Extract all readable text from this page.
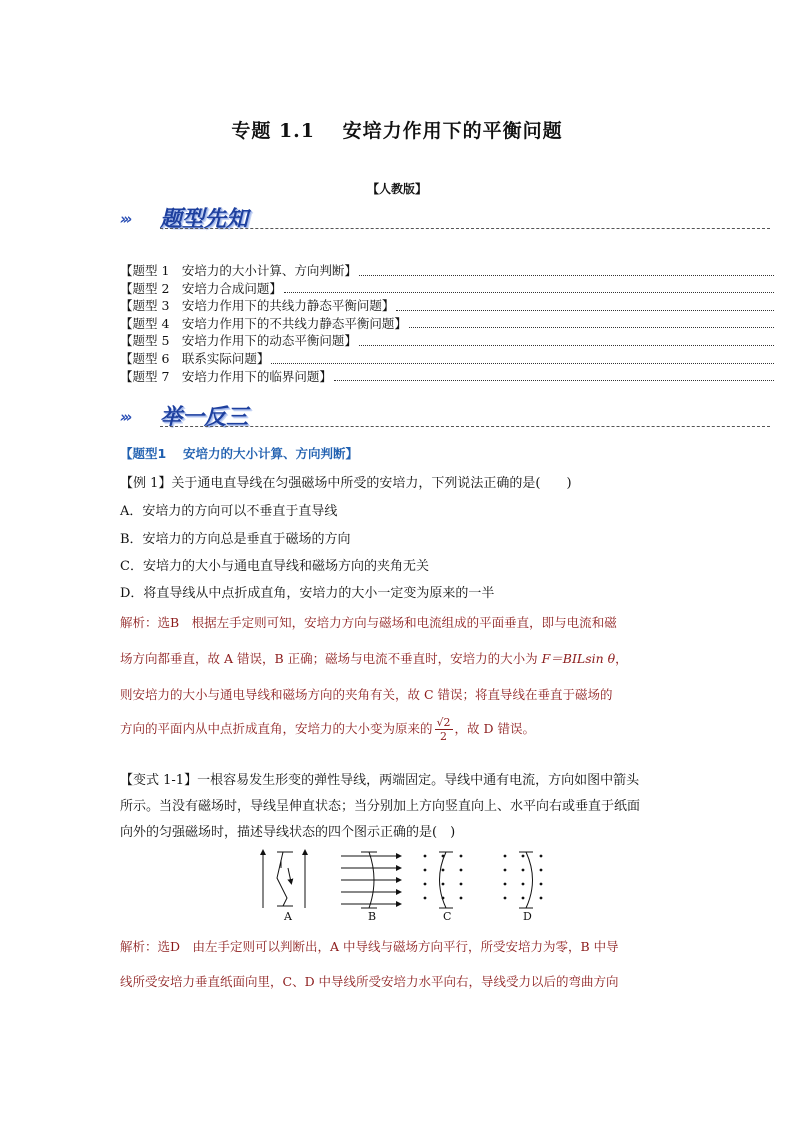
专题 1.1　 安培力作用下的平衡问题
【人教版】
››› 题型先知
【题型 1　安培力的大小计算、方向判断】
【题型 2　安培力合成问题】
【题型 3　安培力作用下的共线力静态平衡问题】
【题型 4　安培力作用下的不共线力静态平衡问题】
【题型 5　安培力作用下的动态平衡问题】
【题型 6　联系实际问题】
【题型 7　安培力作用下的临界问题】
››› 举一反三
【题型1　 安培力的大小计算、方向判断】
【例 1】关于通电直导线在匀强磁场中所受的安培力，下列说法正确的是(　　)
A．安培力的方向可以不垂直于直导线
B．安培力的方向总是垂直于磁场的方向
C．安培力的大小与通电直导线和磁场方向的夹角无关
D．将直导线从中点折成直角，安培力的大小一定变为原来的一半
解析：选B　根据左手定则可知，安培力方向与磁场和电流组成的平面垂直，即与电流和磁
场方向都垂直，故 A 错误，B 正确；磁场与电流不垂直时，安培力的大小为 F＝BILsin θ，
则安培力的大小与通电导线和磁场方向的夹角有关，故 C 错误；将直导线在垂直于磁场的
方向的平面内从中点折成直角，安培力的大小变为原来的 $\frac{√2}{2}$ ，故 D 错误。
【变式 1-1】一根容易发生形变的弹性导线，两端固定。导线中通有电流，方向如图中箭头
所示。当没有磁场时，导线呈伸直状态；当分别加上方向竖直向上、水平向右或垂直于纸面
向外的匀强磁场时，描述导线状态的四个图示正确的是(　)
A	B	C	D
解析：选D　由左手定则可以判断出，A 中导线与磁场方向平行，所受安培力为零，B 中导
线所受安培力垂直纸面向里，C、D 中导线所受安培力水平向右，导线受力以后的弯曲方向
